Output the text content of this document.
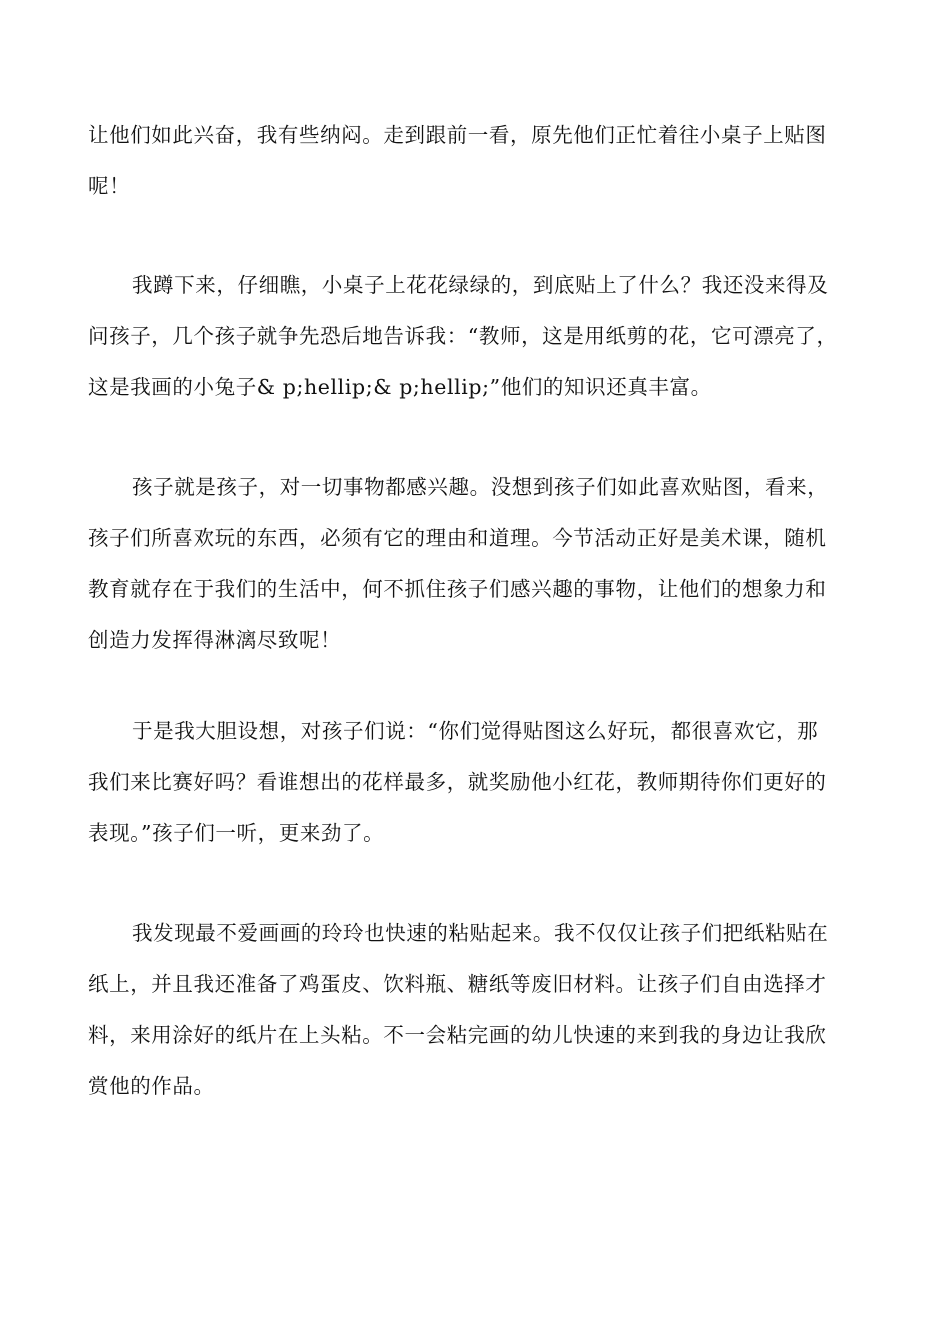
让他们如此兴奋，我有些纳闷。走到跟前一看，原先他们正忙着往小桌子上贴图
呢！

我蹲下来，仔细瞧，小桌子上花花绿绿的，到底贴上了什么？我还没来得及
问孩子，几个孩子就争先恐后地告诉我：“教师，这是用纸剪的花，它可漂亮了，
这是我画的小兔子& p;hellip;& p;hellip;”他们的知识还真丰富。

孩子就是孩子，对一切事物都感兴趣。没想到孩子们如此喜欢贴图，看来，
孩子们所喜欢玩的东西，必须有它的理由和道理。今节活动正好是美术课，随机
教育就存在于我们的生活中，何不抓住孩子们感兴趣的事物，让他们的想象力和
创造力发挥得淋漓尽致呢！

于是我大胆设想，对孩子们说：“你们觉得贴图这么好玩，都很喜欢它，那
我们来比赛好吗？看谁想出的花样最多，就奖励他小红花，教师期待你们更好的
表现。”孩子们一听，更来劲了。

我发现最不爱画画的玲玲也快速的粘贴起来。我不仅仅让孩子们把纸粘贴在
纸上，并且我还准备了鸡蛋皮、饮料瓶、糖纸等废旧材料。让孩子们自由选择才
料，来用涂好的纸片在上头粘。不一会粘完画的幼儿快速的来到我的身边让我欣
赏他的作品。
